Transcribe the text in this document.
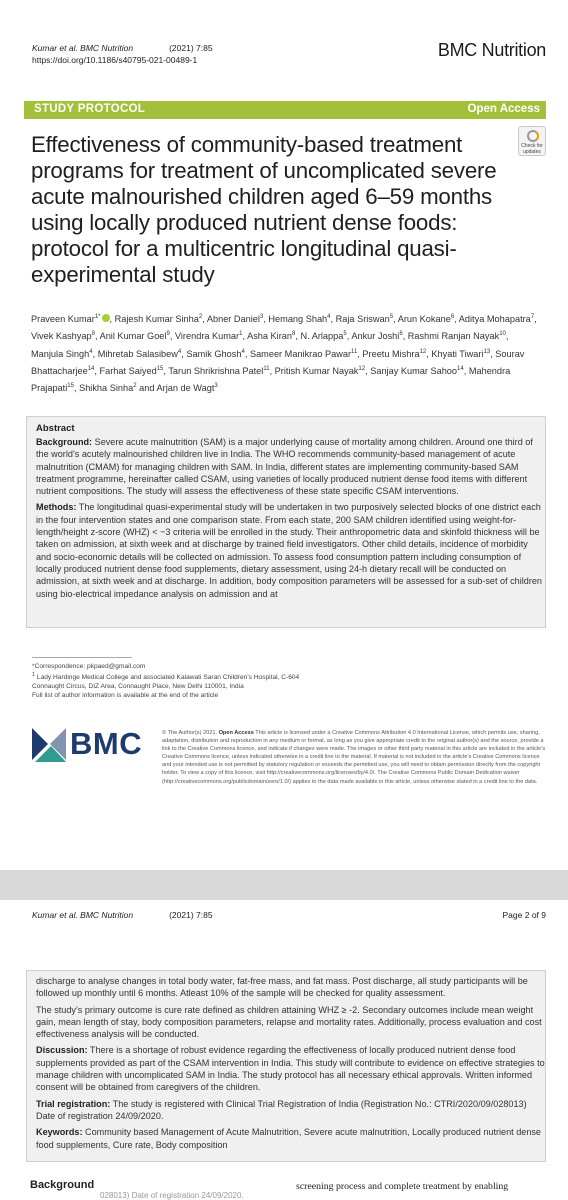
Kumar et al. BMC Nutrition	(2021) 7:85
https://doi.org/10.1186/s40795-021-00489-1	BMC Nutrition
STUDY PROTOCOL	Open Access
Effectiveness of community-based treatment programs for treatment of uncomplicated severe acute malnourished children aged 6–59 months using locally produced nutrient dense foods: protocol for a multicentric longitudinal quasi-experimental study
Check for updates
Praveen Kumar$^{1*}$ , Rajesh Kumar Sinha$^2$, Abner Daniel$^3$, Hemang Shah$^4$, Raja Sriswan$^5$, Arun Kokane$^6$, Aditya Mohapatra$^7$, Vivek Kashyap$^8$, Anil Kumar Goel$^9$, Virendra Kumar$^1$, Asha Kiran$^8$, N. Arlappa$^5$, Ankur Joshi$^6$, Rashmi Ranjan Nayak$^{10}$, Manjula Singh$^4$, Mihretab Salasibew$^4$, Samik Ghosh$^4$, Sameer Manikrao Pawar$^{11}$, Preetu Mishra$^{12}$, Khyati Tiwari$^{13}$, Sourav Bhattacharjee$^{14}$, Farhat Saiyed$^{15}$, Tarun Shrikrishna Patel$^{11}$, Pritish Kumar Nayak$^{12}$, Sanjay Kumar Sahoo$^{14}$, Mahendra Prajapati$^{15}$, Shikha Sinha$^2$ and Arjan de Wagt$^3$
Abstract
Background: Severe acute malnutrition (SAM) is a major underlying cause of mortality among children. Around one third of the world’s acutely malnourished children live in India. The WHO recommends community-based management of acute malnutrition (CMAM) for managing children with SAM. In India, different states are implementing community-based SAM treatment programme, hereinafter called CSAM, using varieties of locally produced nutrient dense food items with different nutrient compositions. The study will assess the effectiveness of these state specific CSAM interventions.
Methods: The longitudinal quasi-experimental study will be undertaken in two purposively selected blocks of one district each in the four intervention states and one comparison state. From each state, 200 SAM children identified using weight-for-length/height z-score (WHZ) < −3 criteria will be enrolled in the study. Their anthropometric data and skinfold thickness will be taken on admission, at sixth week and at discharge by trained field investigators. Other child details, incidence of morbidity and socio-economic details will be collected on admission. To assess food consumption pattern including consumption of locally produced nutrient dense food supplements, dietary assessment, using 24-h dietary recall will be conducted on admission, at sixth week and at discharge. In addition, body composition parameters will be assessed for a sub-set of children using bio-electrical impedance analysis on admission and at
*Correspondence: pkpaed@gmail.com
$^1$ Lady Hardinge Medical College and associated Kalawati Saran Children’s Hospital, C-604 Connaught Circus, DIZ Area, Connaught Place, New Delhi 110001, India
Full list of author information is available at the end of the article
BMC	© The Author(s) 2021. Open Access This article is licensed under a Creative Commons Attribution 4.0 International License, which permits use, sharing, adaptation, distribution and reproduction in any medium or format, as long as you give appropriate credit to the original author(s) and the source, provide a link to the Creative Commons licence, and indicate if changes were made. The images or other third party material in this article are included in the article’s Creative Commons licence, unless indicated otherwise in a credit line to the material. If material is not included in the article’s Creative Commons licence and your intended use is not permitted by statutory regulation or exceeds the permitted use, you will need to obtain permission directly from the copyright holder. To view a copy of this licence, visit http://creativecommons.org/licenses/by/4.0/. The Creative Commons Public Domain Dedication waiver (http://creativecommons.org/publicdomain/zero/1.0/) applies to the data made available in this article, unless otherwise stated in a credit line to the data.
Kumar et al. BMC Nutrition	(2021) 7:85	Page 2 of 9
discharge to analyse changes in total body water, fat-free mass, and fat mass. Post discharge, all study participants will be followed up monthly until 6 months. Atleast 10% of the sample will be checked for quality assessment.
The study’s primary outcome is cure rate defined as children attaining WHZ ≥ -2. Secondary outcomes include mean weight gain, mean length of stay, body composition parameters, relapse and mortality rates. Additionally, process evaluation and cost effectiveness analysis will be conducted.
Discussion: There is a shortage of robust evidence regarding the effectiveness of locally produced nutrient dense food supplements provided as part of the CSAM intervention in India. This study will contribute to evidence on effective strategies to manage children with uncomplicated SAM in India. The study protocol has all necessary ethical approvals. Written informed consent will be obtained from caregivers of the children.
Trial registration: The study is registered with Clinical Trial Registration of India (Registration No.: CTRI/2020/09/028013) Date of registration 24/09/2020.
Keywords: Community based Management of Acute Malnutrition, Severe acute malnutrition, Locally produced nutrient dense food supplements, Cure rate, Body composition
Background
028013) Date of registration 24/09/2020.
screening process and complete treatment by enabling
